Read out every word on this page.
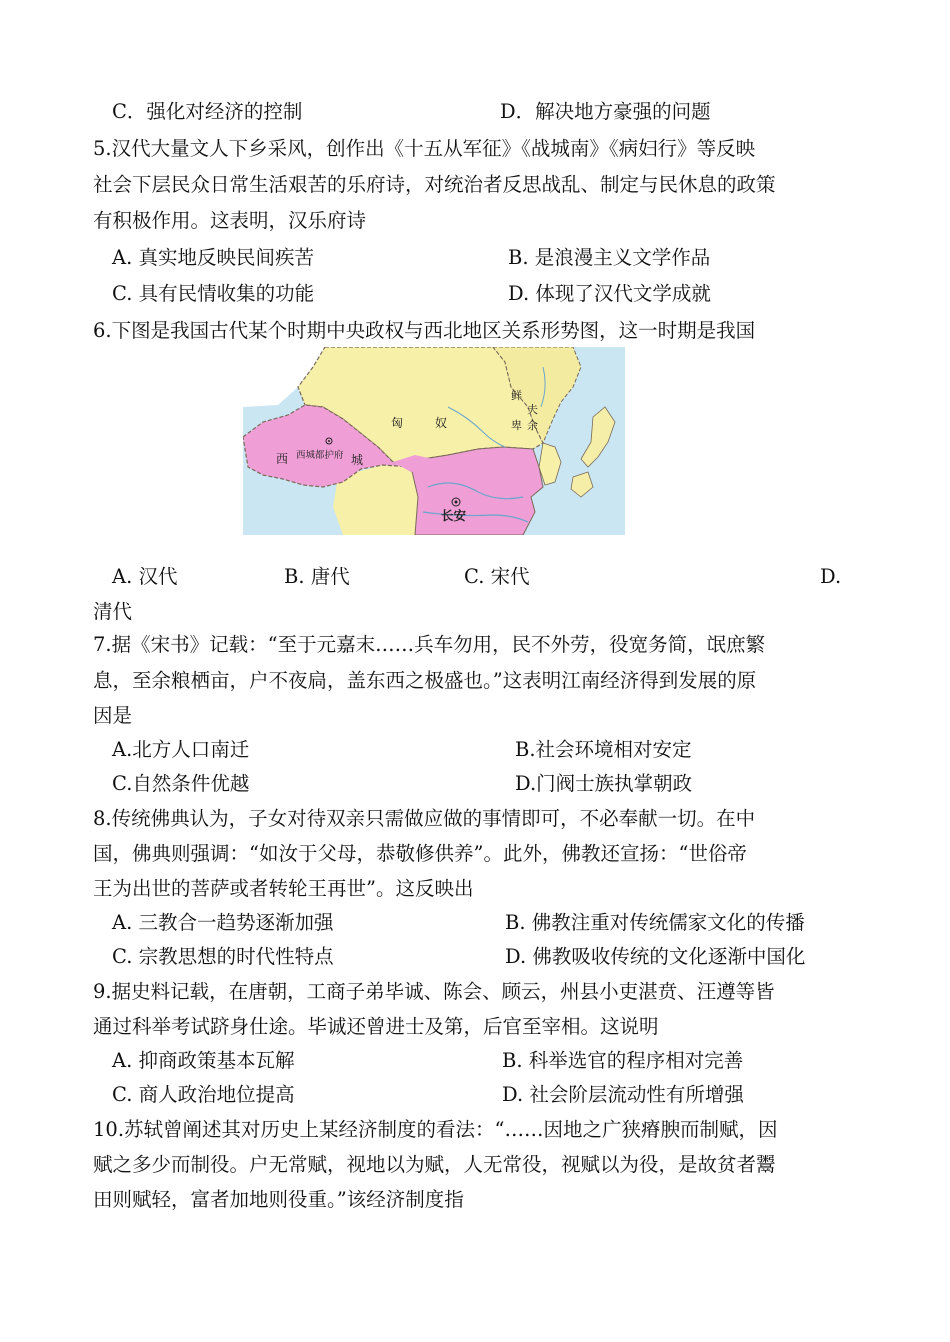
C．强化对经济的控制	D．解决地方豪强的问题
5.汉代大量文人下乡采风，创作出《十五从军征》《战城南》《病妇行》等反映
社会下层民众日常生活艰苦的乐府诗，对统治者反思战乱、制定与民休息的政策
有积极作用。这表明，汉乐府诗
A. 真实地反映民间疾苦	B. 是浪漫主义文学作品
C. 具有民情收集的功能	D. 体现了汉代文学成就
6.下图是我国古代某个时期中央政权与西北地区关系形势图，这一时期是我国
匈	奴
鲜
夫
卑 余
西	城
西城都护府
长安
A. 汉代	B. 唐代	C. 宋代	D.
清代
7.据《宋书》记载：“至于元嘉末……兵车勿用，民不外劳，役宽务简，氓庶繁
息，至余粮栖亩，户不夜扃，盖东西之极盛也。”这表明江南经济得到发展的原
因是
A.北方人口南迁	B.社会环境相对安定
C.自然条件优越	D.门阀士族执掌朝政
8.传统佛典认为，子女对待双亲只需做应做的事情即可，不必奉献一切。在中
国，佛典则强调：“如汝于父母，恭敬修供养”。此外，佛教还宣扬：“世俗帝
王为出世的菩萨或者转轮王再世”。这反映出
A. 三教合一趋势逐渐加强	B. 佛教注重对传统儒家文化的传播
C. 宗教思想的时代性特点	D. 佛教吸收传统的文化逐渐中国化
9.据史料记载，在唐朝，工商子弟毕诚、陈会、顾云，州县小吏湛贲、汪遵等皆
通过科举考试跻身仕途。毕诚还曾进士及第，后官至宰相。这说明
A. 抑商政策基本瓦解	B. 科举选官的程序相对完善
C. 商人政治地位提高	D. 社会阶层流动性有所增强
10.苏轼曾阐述其对历史上某经济制度的看法：“……因地之广狭瘠腴而制赋，因
赋之多少而制役。户无常赋，视地以为赋，人无常役，视赋以为役，是故贫者鬻
田则赋轻，富者加地则役重。”该经济制度指
